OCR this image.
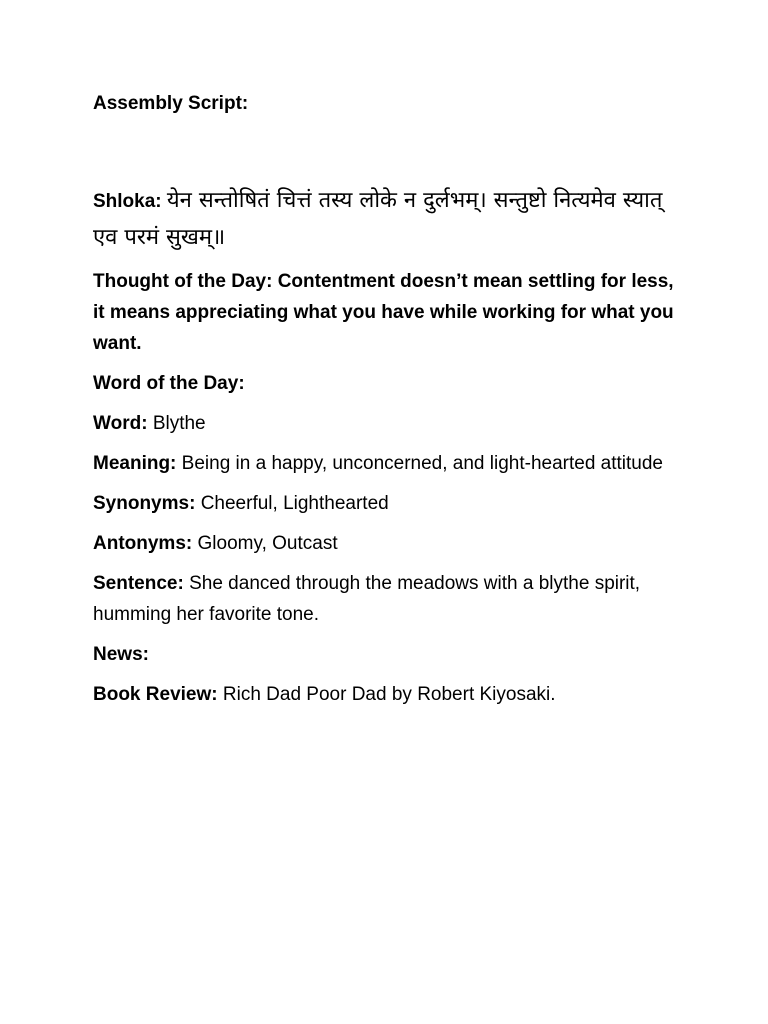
Assembly Script:

Shloka: येन सन्तोषितं चित्तं तस्य लोके न दुर्लभम्। सन्तुष्टो नित्यमेव स्यात् एव परमं सुखम्॥

Thought of the Day: Contentment doesn’t mean settling for less, it means appreciating what you have while working for what you want.

Word of the Day:

Word: Blythe

Meaning: Being in a happy, unconcerned, and light-hearted attitude

Synonyms: Cheerful, Lighthearted

Antonyms: Gloomy, Outcast

Sentence: She danced through the meadows with a blythe spirit, humming her favorite tone.

News:

Book Review: Rich Dad Poor Dad by Robert Kiyosaki.
